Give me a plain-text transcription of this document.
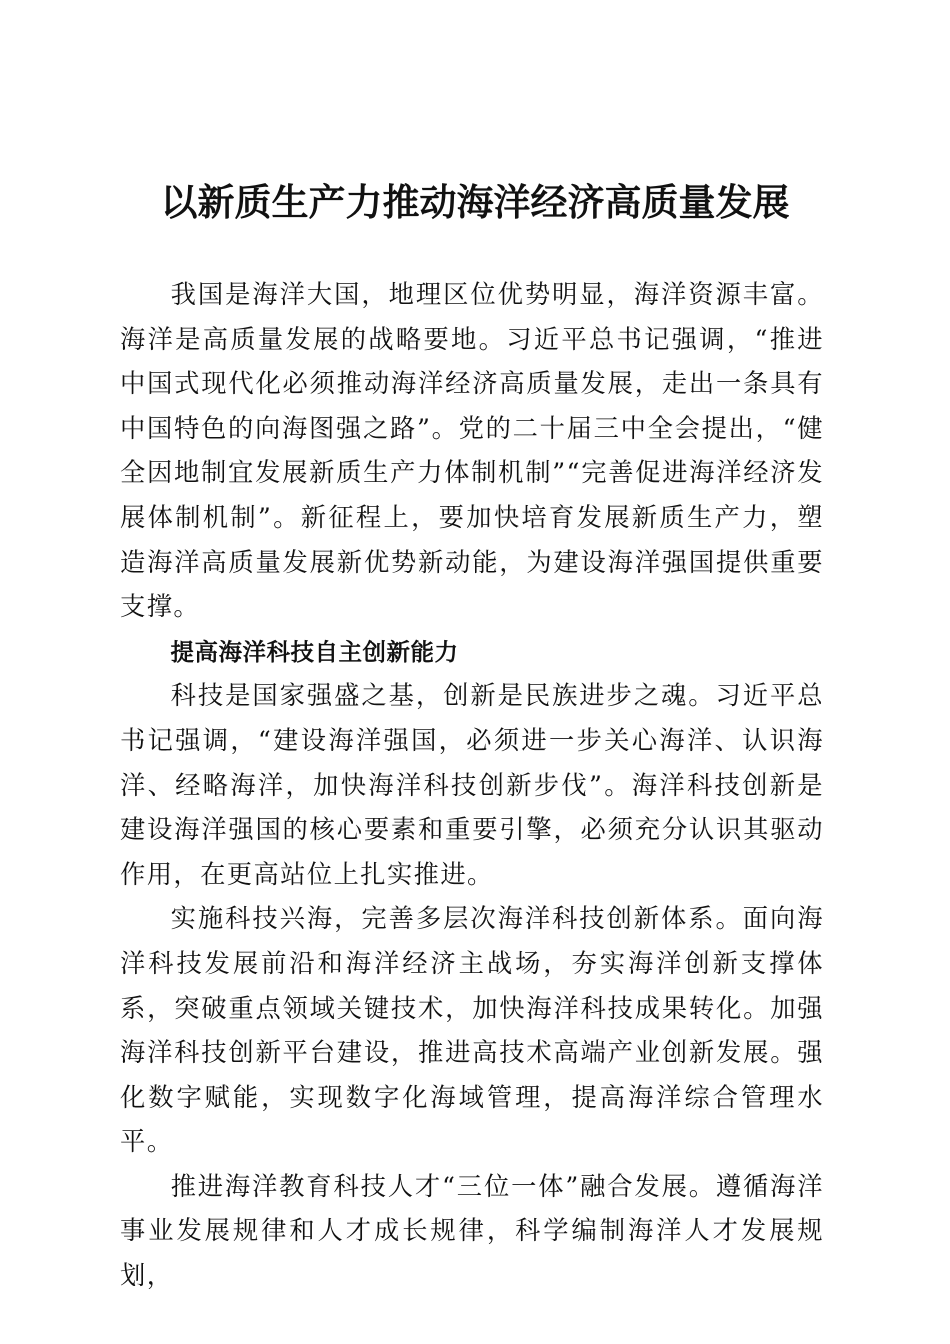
以新质生产力推动海洋经济高质量发展

我国是海洋大国，地理区位优势明显，海洋资源丰富。海洋是高质量发展的战略要地。习近平总书记强调，“推进中国式现代化必须推动海洋经济高质量发展，走出一条具有中国特色的向海图强之路”。党的二十届三中全会提出，“健全因地制宜发展新质生产力体制机制”“完善促进海洋经济发展体制机制”。新征程上，要加快培育发展新质生产力，塑造海洋高质量发展新优势新动能，为建设海洋强国提供重要支撑。

提高海洋科技自主创新能力

科技是国家强盛之基，创新是民族进步之魂。习近平总书记强调，“建设海洋强国，必须进一步关心海洋、认识海洋、经略海洋，加快海洋科技创新步伐”。海洋科技创新是建设海洋强国的核心要素和重要引擎，必须充分认识其驱动作用，在更高站位上扎实推进。

实施科技兴海，完善多层次海洋科技创新体系。面向海洋科技发展前沿和海洋经济主战场，夯实海洋创新支撑体系，突破重点领域关键技术，加快海洋科技成果转化。加强海洋科技创新平台建设，推进高技术高端产业创新发展。强化数字赋能，实现数字化海域管理，提高海洋综合管理水平。

推进海洋教育科技人才“三位一体”融合发展。遵循海洋事业发展规律和人才成长规律，科学编制海洋人才发展规划，
